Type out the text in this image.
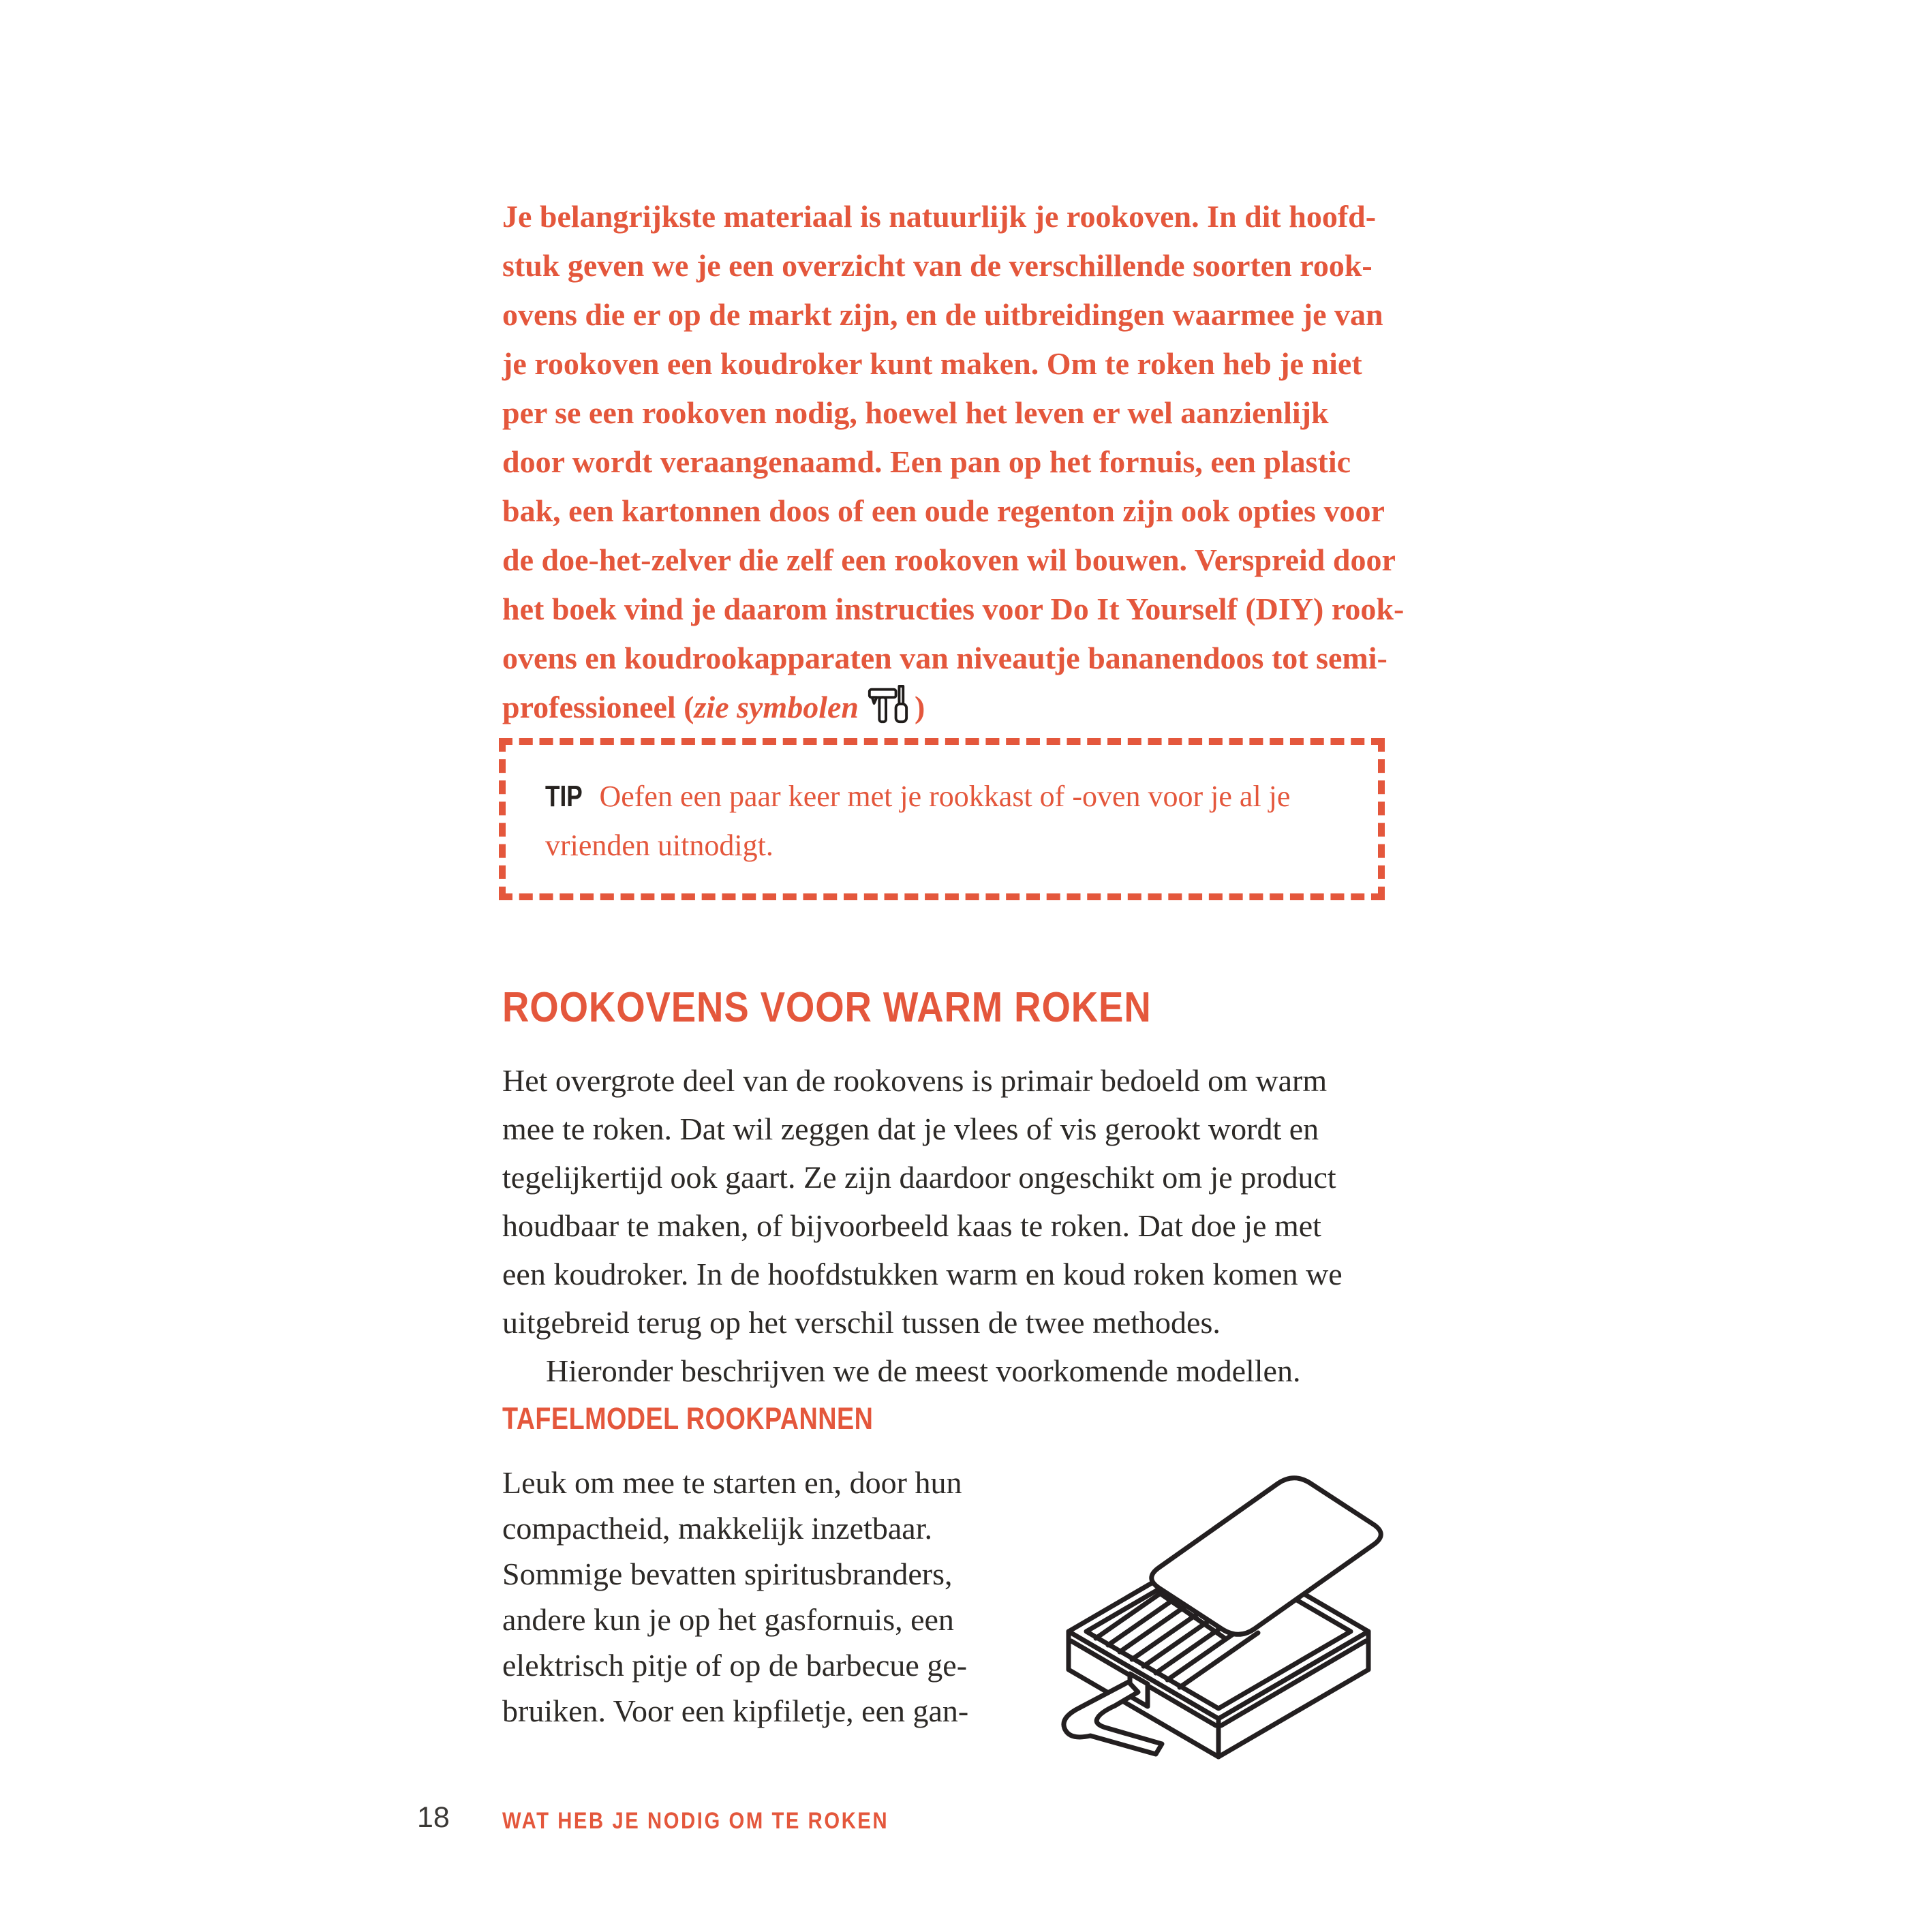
Je belangrijkste materiaal is natuurlijk je rookoven. In dit hoofd-
stuk geven we je een overzicht van de verschillende soorten rook-
ovens die er op de markt zijn, en de uitbreidingen waarmee je van
je rookoven een koudroker kunt maken. Om te roken heb je niet
per se een rookoven nodig, hoewel het leven er wel aanzienlijk
door wordt veraangenaamd. Een pan op het fornuis, een plastic
bak, een kartonnen doos of een oude regenton zijn ook opties voor
de doe-het-zelver die zelf een rookoven wil bouwen. Verspreid door
het boek vind je daarom instructies voor Do It Yourself (DIY) rook-
ovens en koudrookapparaten van niveautje bananendoos tot semi-
professioneel (zie symbolen )
TIP Oefen een paar keer met je rookkast of -oven voor je al je
vrienden uitnodigt.
ROOKOVENS VOOR WARM ROKEN
Het overgrote deel van de rookovens is primair bedoeld om warm
mee te roken. Dat wil zeggen dat je vlees of vis gerookt wordt en
tegelijkertijd ook gaart. Ze zijn daardoor ongeschikt om je product
houdbaar te maken, of bijvoorbeeld kaas te roken. Dat doe je met
een koudroker. In de hoofdstukken warm en koud roken komen we
uitgebreid terug op het verschil tussen de twee methodes.
Hieronder beschrijven we de meest voorkomende modellen.
TAFELMODEL ROOKPANNEN
Leuk om mee te starten en, door hun
compactheid, makkelijk inzetbaar.
Sommige bevatten spiritusbranders,
andere kun je op het gasfornuis, een
elektrisch pitje of op de barbecue ge-
bruiken. Voor een kipfiletje, een gan-
18 WAT HEB JE NODIG OM TE ROKEN
